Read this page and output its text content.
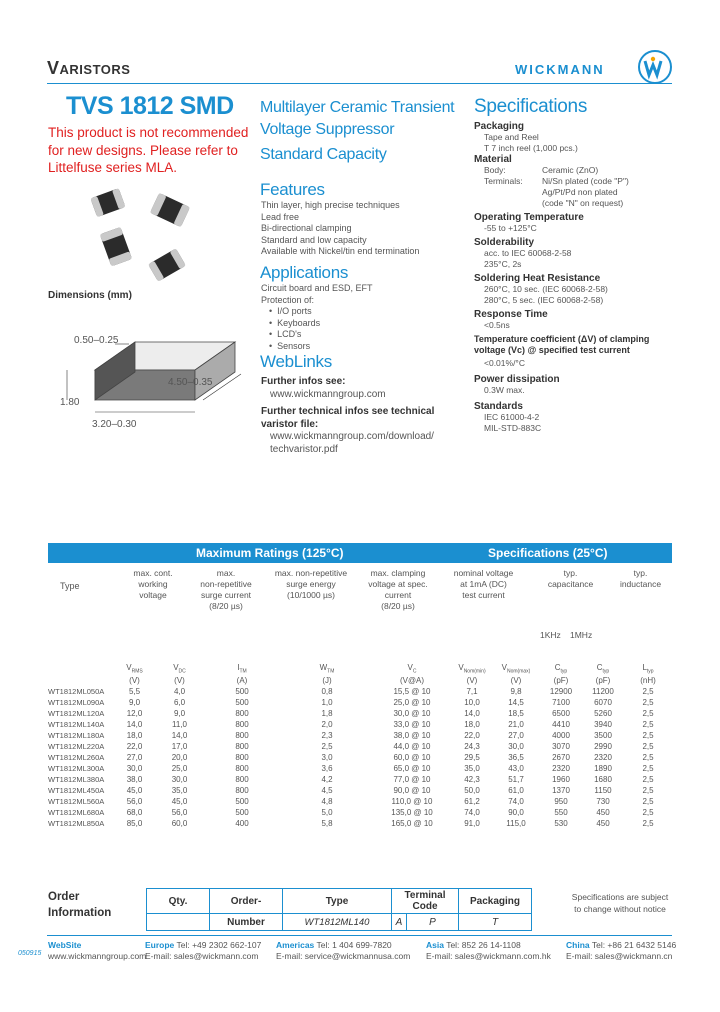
VARISTORS	WICKMANN
TVS 1812 SMD
This product is not recommended
for new designs. Please refer to
Littelfuse series MLA.
Dimensions (mm)
0.50–0.25
4.50–0.35
1.80
3.20–0.30
Multilayer Ceramic Transient
Voltage Suppressor
Standard Capacity
Features
Thin layer, high precise techniques
Lead free
Bi-directional clamping
Standard and low capacity
Available with Nickel/tin end termination
Applications
Circuit board and ESD, EFT
Protection of:
•  I/O ports
•  Keyboards
•  LCD's
•  Sensors
WebLinks
Further infos see:
www.wickmanngroup.com
Further technical infos see technical
varistor file:
www.wickmanngroup.com/download/
techvaristor.pdf
Specifications
Packaging
Tape and Reel
T 7 inch reel (1,000 pcs.)
Material
Body:	Ceramic (ZnO)
Terminals: Ni/Sn plated (code "P")
Ag/Pt/Pd non plated
(code "N" on request)
Operating Temperature
-55 to +125°C
Solderability
acc. to IEC 60068-2-58
235°C, 2s
Soldering Heat Resistance
260°C, 10 sec. (IEC 60068-2-58)
280°C, 5 sec. (IEC 60068-2-58)
Response Time
<0.5ns
Temperature coefficient (ΔV) of clamping
voltage (Vc) @ specified test current
<0.01%/°C
Power dissipation
0.3W max.
Standards
IEC 61000-4-2
MIL-STD-883C
Maximum Ratings (125°C)	Specifications (25°C)
Type
max. cont.
working
voltage
max.
non-repetitive
surge current
(8/20 µs)
max. non-repetitive
surge energy
(10/1000 µs)
max. clamping
voltage at spec.
current
(8/20 µs)
nominal voltage
at 1mA (DC)
test current
typ.
capacitance
typ.
inductance
1KHz 1MHz
	$V_{RMS}$	$V_{DC}$	$I_{TM}$	$W_{TM}$	$V_C$	$V_{Nom(min)}$	$V_{Nom(max)}$	$C_{typ}$	$C_{typ}$	$L_{typ}$
	(V)	(V)	(A)	(J)	(V@A)	(V)	(V)	(pF)	(pF)	(nH)
WT1812ML050A	5,5	4,0	500	0,8	15,5 @ 10	7,1	9,8	12900	11200	2,5
WT1812ML090A	9,0	6,0	500	1,0	25,0 @ 10	10,0	14,5	7100	6070	2,5
WT1812ML120A	12,0	9,0	800	1,8	30,0 @ 10	14,0	18,5	6500	5260	2,5
WT1812ML140A	14,0	11,0	800	2,0	33,0 @ 10	18,0	21,0	4410	3940	2,5
WT1812ML180A	18,0	14,0	800	2,3	38,0 @ 10	22,0	27,0	4000	3500	2,5
WT1812ML220A	22,0	17,0	800	2,5	44,0 @ 10	24,3	30,0	3070	2990	2,5
WT1812ML260A	27,0	20,0	800	3,0	60,0 @ 10	29,5	36,5	2670	2320	2,5
WT1812ML300A	30,0	25,0	800	3,6	65,0 @ 10	35,0	43,0	2320	1890	2,5
WT1812ML380A	38,0	30,0	800	4,2	77,0 @ 10	42,3	51,7	1960	1680	2,5
WT1812ML450A	45,0	35,0	800	4,5	90,0 @ 10	50,0	61,0	1370	1150	2,5
WT1812ML560A	56,0	45,0	500	4,8	110,0 @ 10	61,2	74,0	950	730	2,5
WT1812ML680A	68,0	56,0	500	5,0	135,0 @ 10	74,0	90,0	550	450	2,5
WT1812ML850A	85,0	60,0	400	5,8	165,0 @ 10	91,0	115,0	530	450	2,5
Order
Information
Qty.	Order-	Type	Terminal Code		Packaging
	Number	WT1812ML140	A	P	T
Specifications are subject
to change without notice
050915
WebSite
www.wickmanngroup.com
Europe Tel: +49 2302 662-107
E-mail: sales@wickmann.com
Americas Tel: 1 404 699-7820
E-mail: service@wickmannusa.com
Asia Tel: 852 26 14-1108
E-mail: sales@wickmann.com.hk
China Tel: +86 21 6432 5146
E-mail: sales@wickmann.cn
